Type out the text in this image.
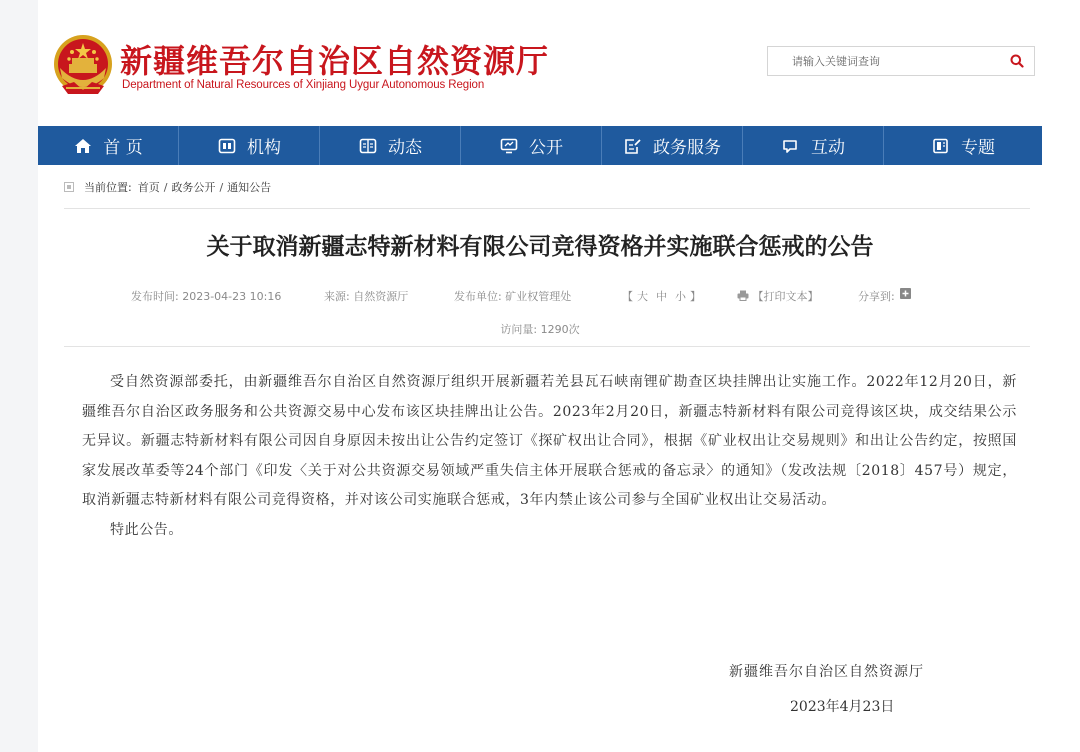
新疆维吾尔自治区自然资源厅
Department of Natural Resources of Xinjiang Uygur Autonomous Region
请输入关键词查询
首 页	机构	动态	公开	政务服务	互动	专题
当前位置: 首页 / 政务公开 / 通知公告
关于取消新疆志特新材料有限公司竞得资格并实施联合惩戒的公告
发布时间: 2023-04-23 10:16	来源: 自然资源厅	发布单位: 矿业权管理处	【 大 中 小 】	【打印文本】	分享到:
访问量: 1290次

受自然资源部委托，由新疆维吾尔自治区自然资源厅组织开展新疆若羌县瓦石峡南锂矿勘查区块挂牌出让实施工作。2022年12月20日，新疆维吾尔自治区政务服务和公共资源交易中心发布该区块挂牌出让公告。2023年2月20日，新疆志特新材料有限公司竞得该区块，成交结果公示无异议。新疆志特新材料有限公司因自身原因未按出让公告约定签订《探矿权出让合同》，根据《矿业权出让交易规则》和出让公告约定，按照国家发展改革委等24个部门《印发〈关于对公共资源交易领域严重失信主体开展联合惩戒的备忘录〉的通知》（发改法规〔2018〕457号）规定，取消新疆志特新材料有限公司竞得资格，并对该公司实施联合惩戒，3年内禁止该公司参与全国矿业权出让交易活动。

特此公告。

新疆维吾尔自治区自然资源厅
2023年4月23日
